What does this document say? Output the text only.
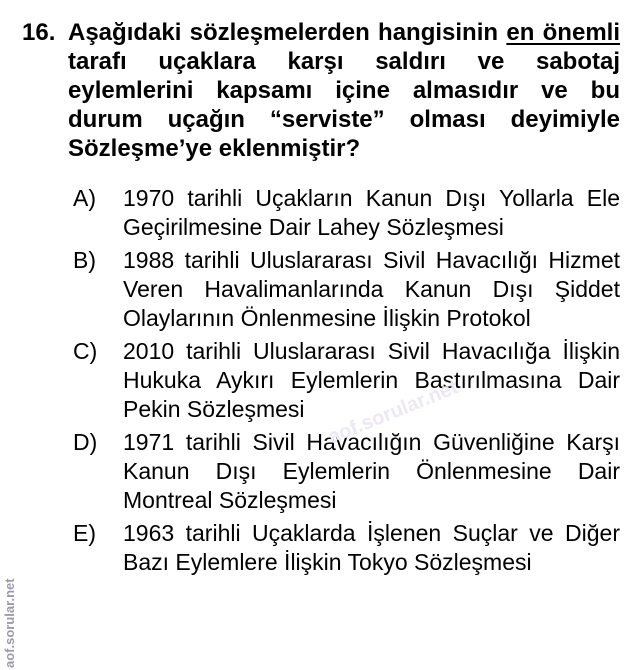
16. Aşağıdaki sözleşmelerden hangisinin en önemli tarafı uçaklara karşı saldırı ve sabotaj eylemlerini kapsamı içine almasıdır ve bu durum uçağın “serviste” olması deyimiyle Sözleşme’ye eklenmiştir?
A) 1970 tarihli Uçakların Kanun Dışı Yollarla Ele Geçirilmesine Dair Lahey Sözleşmesi
B) 1988 tarihli Uluslararası Sivil Havacılığı Hizmet Veren Havalimanlarında Kanun Dışı Şiddet Olaylarının Önlenmesine İlişkin Protokol
C) 2010 tarihli Uluslararası Sivil Havacılığa İlişkin Hukuka Aykırı Eylemlerin Bastırılmasına Dair Pekin Sözleşmesi
D) 1971 tarihli Sivil Havacılığın Güvenliğine Karşı Kanun Dışı Eylemlerin Önlenmesine Dair Montreal Sözleşmesi
E) 1963 tarihli Uçaklarda İşlenen Suçlar ve Diğer Bazı Eylemlere İlişkin Tokyo Sözleşmesi
aof.sorular.net
aof.sorular.net
